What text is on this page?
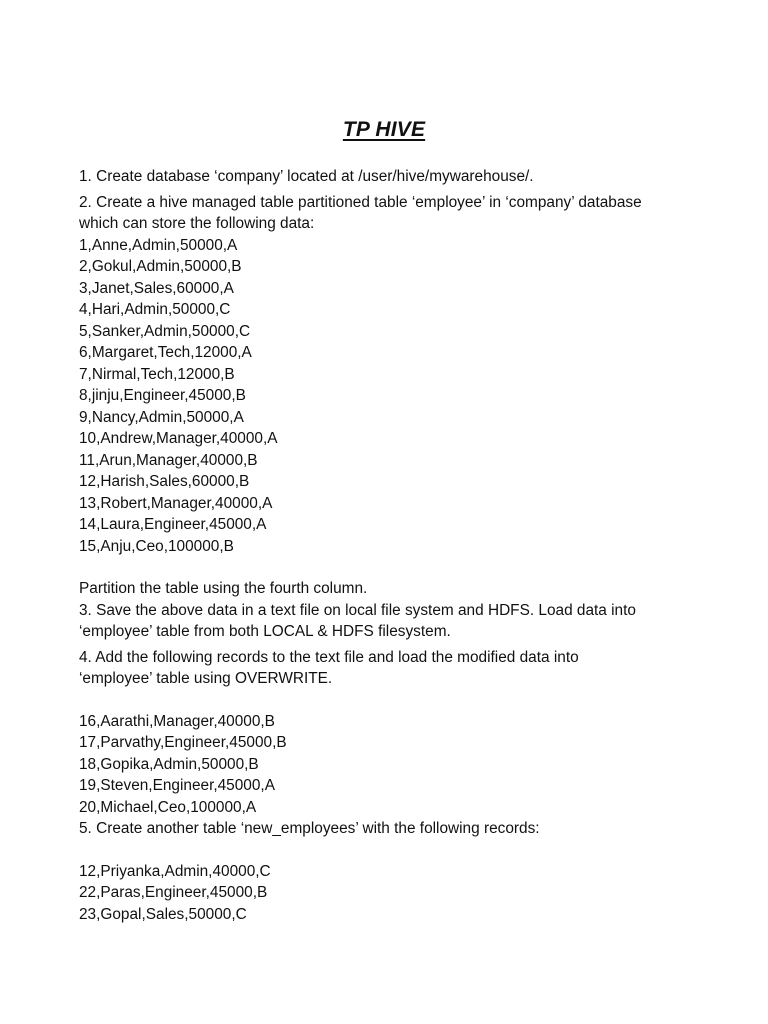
TP HIVE
1. Create database ‘company’ located at /user/hive/mywarehouse/.
2. Create a hive managed table partitioned table ‘employee’ in ‘company’ database
which can store the following data:
1,Anne,Admin,50000,A
2,Gokul,Admin,50000,B
3,Janet,Sales,60000,A
4,Hari,Admin,50000,C
5,Sanker,Admin,50000,C
6,Margaret,Tech,12000,A
7,Nirmal,Tech,12000,B
8,jinju,Engineer,45000,B
9,Nancy,Admin,50000,A
10,Andrew,Manager,40000,A
11,Arun,Manager,40000,B
12,Harish,Sales,60000,B
13,Robert,Manager,40000,A
14,Laura,Engineer,45000,A
15,Anju,Ceo,100000,B
Partition the table using the fourth column.
3. Save the above data in a text file on local file system and HDFS. Load data into
‘employee’ table from both LOCAL & HDFS filesystem.
4. Add the following records to the text file and load the modified data into
‘employee’ table using OVERWRITE.
16,Aarathi,Manager,40000,B
17,Parvathy,Engineer,45000,B
18,Gopika,Admin,50000,B
19,Steven,Engineer,45000,A
20,Michael,Ceo,100000,A
5. Create another table ‘new_employees’ with the following records:
12,Priyanka,Admin,40000,C
22,Paras,Engineer,45000,B
23,Gopal,Sales,50000,C
